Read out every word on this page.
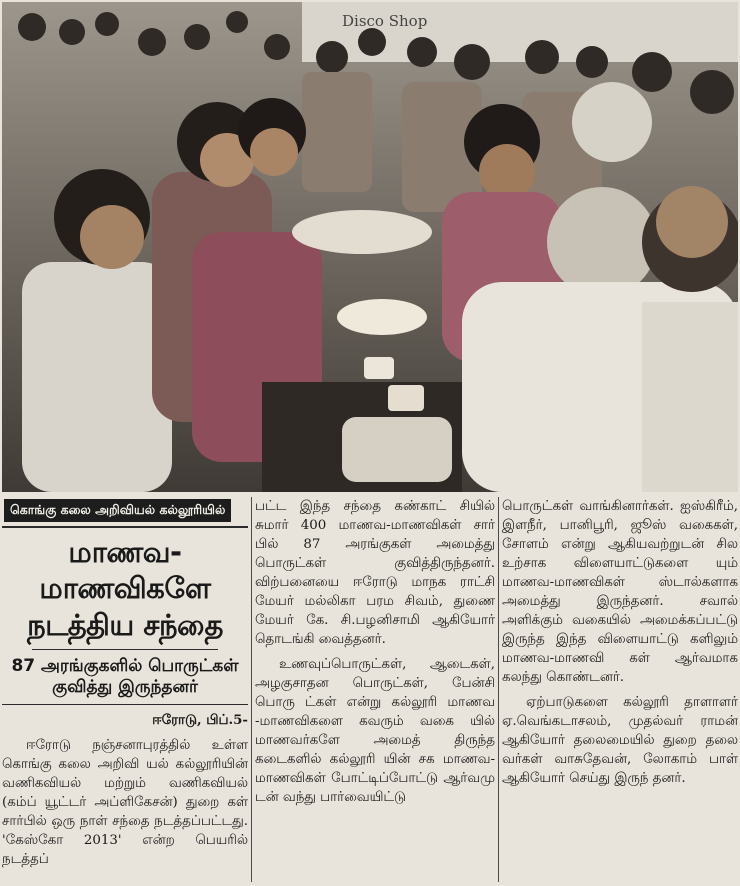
Disco Shop
கொங்கு கலை அறிவியல் கல்லூரியில்
மாணவ-மாணவிகளே
நடத்திய சந்தை
87 அரங்குகளில் பொருட்கள்
குவித்து இருந்தனர்
ஈரோடு, பிப்.5-
ஈரோடு நஞ்சனாபுரத்தில் உள்ள கொங்கு கலை அறிவி யல் கல்லூரியின் வணிகவியல் மற்றும் வணிகவியல் (கம்ப் யூட்டர் அப்ளிகேசன்) துறை கள் சார்பில் ஒரு நாள் சந்தை நடத்தப்பட்டது. 'கேஸ்கோ 2013' என்ற பெயரில் நடத்தப்
பட்ட இந்த சந்தை கண்காட் சியில் சுமார் 400 மாணவ-மாணவிகள் சார் பில் 87 அரங்குகள் அமைத்து பொருட்கள் குவித்திருந்தனர். விற்பனையை ஈரோடு மாநக ராட்சி மேயர் மல்லிகா பரம சிவம், துணை மேயர் கே. சி.பழனிசாமி ஆகியோர் தொடங்கி வைத்தனர்.
உணவுப்பொருட்கள், ஆடைகள், அழகுசாதன பொருட்கள், பேன்சி பொரு ட்கள் என்று கல்லூரி மாணவ -மாணவிகளை கவரும் வகை யில் மாணவர்களே அமைத் திருந்த கடைகளில் கல்லூரி யின் சக மாணவ-மாணவிகள் போட்டிப்போட்டு ஆர்வமு டன் வந்து பார்வையிட்டு
பொருட்கள் வாங்கினார்கள். ஐஸ்கிரீம், இளநீர், பானிபூரி, ஜூஸ் வகைகள், சோளம் என்று ஆகியவற்றுடன் சில உற்சாக விளையாட்டுகளை யும் மாணவ-மாணவிகள் ஸ்டால்களாக அமைத்து இருந்தனர். சவால் அளிக்கும் வகையில் அமைக்கப்பட்டு இருந்த இந்த விளையாட்டு களிலும் மாணவ-மாணவி கள் ஆர்வமாக கலந்து கொண்டனர்.
ஏற்பாடுகளை கல்லூரி தாளாளர் ஏ.வெங்கடாசலம், முதல்வர் ராமன் ஆகியோர் தலைமையில் துறை தலை வர்கள் வாசுதேவன், லோகாம் பாள் ஆகியோர் செய்து இருந் தனர்.
